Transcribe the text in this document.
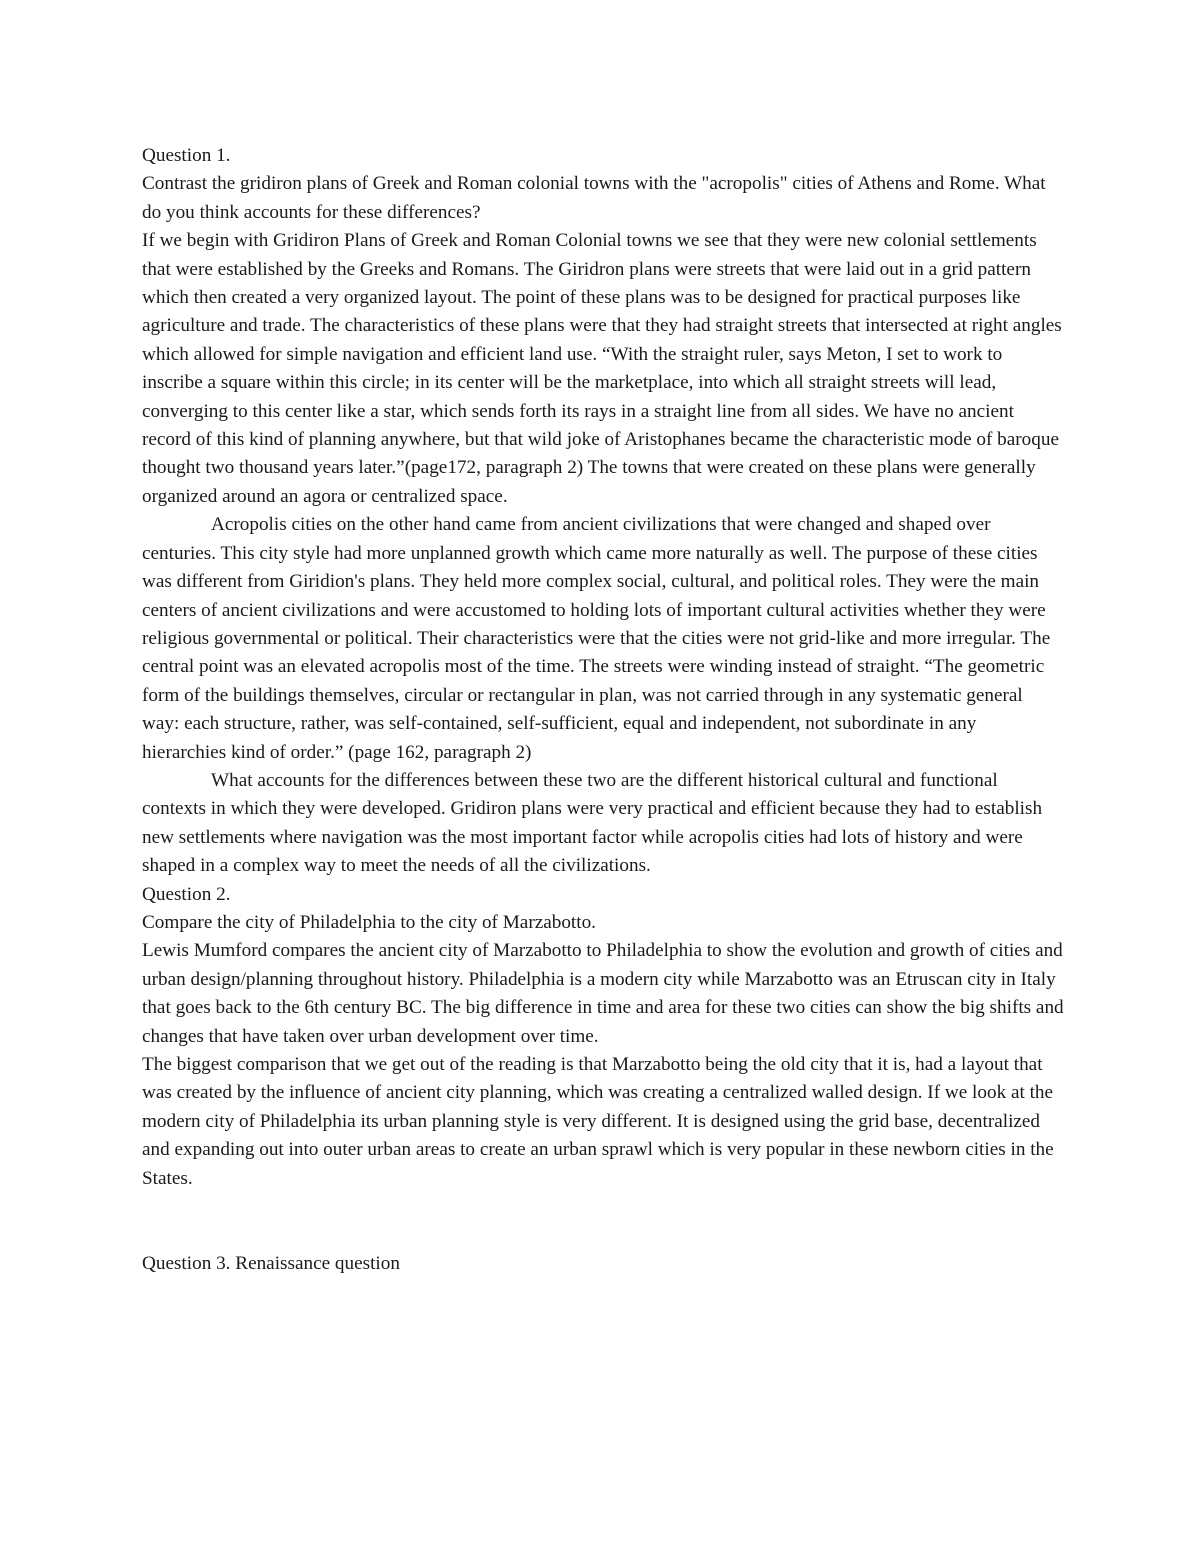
Question 1.

Contrast the gridiron plans of Greek and Roman colonial towns with the "acropolis" cities of Athens and Rome. What do you think accounts for these differences?

If we begin with Gridiron Plans of Greek and Roman Colonial towns we see that they were new colonial settlements that were established by the Greeks and Romans. The Giridron plans were streets that were laid out in a grid pattern which then created a very organized layout. The point of these plans was to be designed for practical purposes like agriculture and trade. The characteristics of these plans were that they had straight streets that intersected at right angles which allowed for simple navigation and efficient land use. “With the straight ruler, says Meton, I set to work to inscribe a square within this circle; in its center will be the marketplace, into which all straight streets will lead, converging to this center like a star, which sends forth its rays in a straight line from all sides. We have no ancient record of this kind of planning anywhere, but that wild joke of Aristophanes became the characteristic mode of baroque thought two thousand years later.”(page172, paragraph 2) The towns that were created on these plans were generally organized around an agora or centralized space.

Acropolis cities on the other hand came from ancient civilizations that were changed and shaped over centuries. This city style had more unplanned growth which came more naturally as well. The purpose of these cities was different from Giridion's plans. They held more complex social, cultural, and political roles. They were the main centers of ancient civilizations and were accustomed to holding lots of important cultural activities whether they were religious governmental or political. Their characteristics were that the cities were not grid-like and more irregular. The central point was an elevated acropolis most of the time. The streets were winding instead of straight. “The geometric form of the buildings themselves, circular or rectangular in plan, was not carried through in any systematic general way: each structure, rather, was self-contained, self-sufficient, equal and independent, not subordinate in any hierarchies kind of order.” (page 162, paragraph 2)

What accounts for the differences between these two are the different historical cultural and functional contexts in which they were developed. Gridiron plans were very practical and efficient because they had to establish new settlements where navigation was the most important factor while acropolis cities had lots of history and were shaped in a complex way to meet the needs of all the civilizations.

Question 2.

Compare the city of Philadelphia to the city of Marzabotto.

Lewis Mumford compares the ancient city of Marzabotto to Philadelphia to show the evolution and growth of cities and urban design/planning throughout history. Philadelphia is a modern city while Marzabotto was an Etruscan city in Italy that goes back to the 6th century BC. The big difference in time and area for these two cities can show the big shifts and changes that have taken over urban development over time.

The biggest comparison that we get out of the reading is that Marzabotto being the old city that it is, had a layout that was created by the influence of ancient city planning, which was creating a centralized walled design. If we look at the modern city of Philadelphia its urban planning style is very different. It is designed using the grid base, decentralized and expanding out into outer urban areas to create an urban sprawl which is very popular in these newborn cities in the States.

Question 3. Renaissance question
